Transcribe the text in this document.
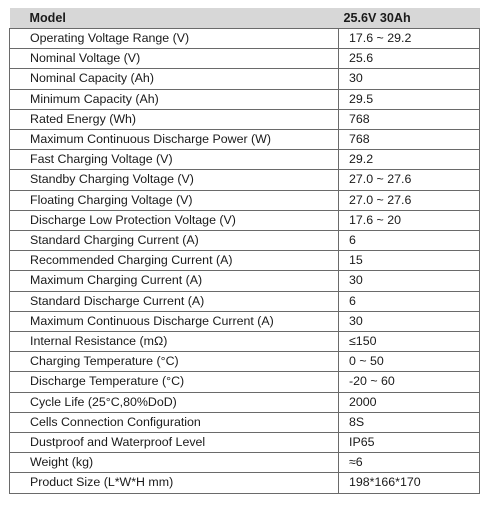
Model	25.6V 30Ah
Operating Voltage Range (V)	17.6 ~ 29.2
Nominal Voltage (V)	25.6
Nominal Capacity (Ah)	30
Minimum Capacity (Ah)	29.5
Rated Energy (Wh)	768
Maximum Continuous Discharge Power (W)	768
Fast Charging Voltage (V)	29.2
Standby Charging Voltage (V)	27.0 ~ 27.6
Floating Charging Voltage (V)	27.0 ~ 27.6
Discharge Low Protection Voltage (V)	17.6 ~ 20
Standard Charging Current (A)	6
Recommended Charging Current (A)	15
Maximum Charging Current (A)	30
Standard Discharge Current (A)	6
Maximum Continuous Discharge Current (A)	30
Internal Resistance (mΩ)	≤150
Charging Temperature (°C)	0 ~ 50
Discharge Temperature (°C)	-20 ~ 60
Cycle Life (25°C,80%DoD)	2000
Cells Connection Configuration	8S
Dustproof and Waterproof Level	IP65
Weight (kg)	≈6
Product Size (L*W*H mm)	198*166*170
